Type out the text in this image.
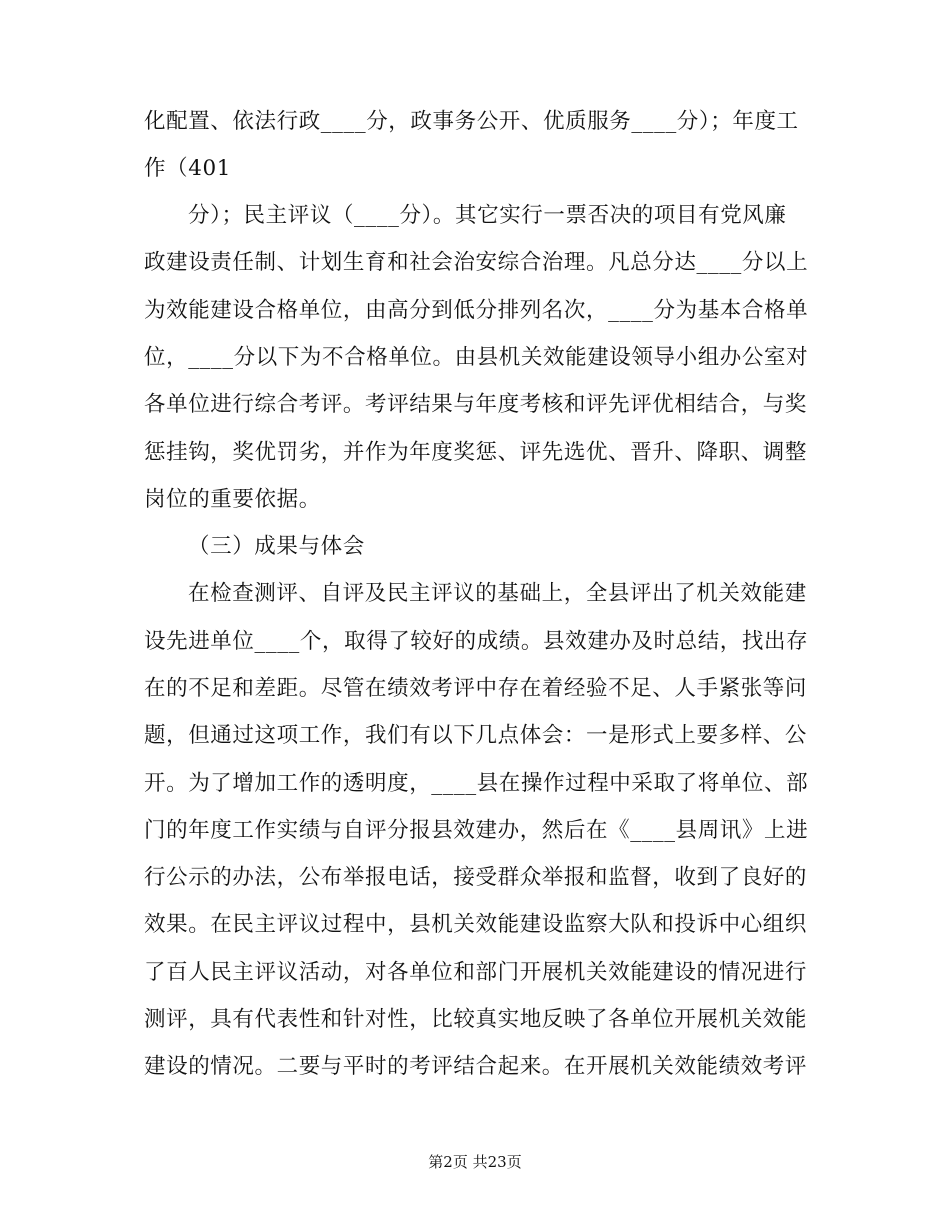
化配置、依法行政____分，政事务公开、优质服务____分）；年度工
作（401
分）；民主评议（____分）。其它实行一票否决的项目有党风廉
政建设责任制、计划生育和社会治安综合治理。凡总分达____分以上
为效能建设合格单位，由高分到低分排列名次，____分为基本合格单
位，____分以下为不合格单位。由县机关效能建设领导小组办公室对
各单位进行综合考评。考评结果与年度考核和评先评优相结合，与奖
惩挂钩，奖优罚劣，并作为年度奖惩、评先选优、晋升、降职、调整
岗位的重要依据。
（三）成果与体会
在检查测评、自评及民主评议的基础上，全县评出了机关效能建
设先进单位____个，取得了较好的成绩。县效建办及时总结，找出存
在的不足和差距。尽管在绩效考评中存在着经验不足、人手紧张等问
题，但通过这项工作，我们有以下几点体会：一是形式上要多样、公
开。为了增加工作的透明度，____县在操作过程中采取了将单位、部
门的年度工作实绩与自评分报县效建办，然后在《____县周讯》上进
行公示的办法，公布举报电话，接受群众举报和监督，收到了良好的
效果。在民主评议过程中，县机关效能建设监察大队和投诉中心组织
了百人民主评议活动，对各单位和部门开展机关效能建设的情况进行
测评，具有代表性和针对性，比较真实地反映了各单位开展机关效能
建设的情况。二要与平时的考评结合起来。在开展机关效能绩效考评
第2页 共23页
